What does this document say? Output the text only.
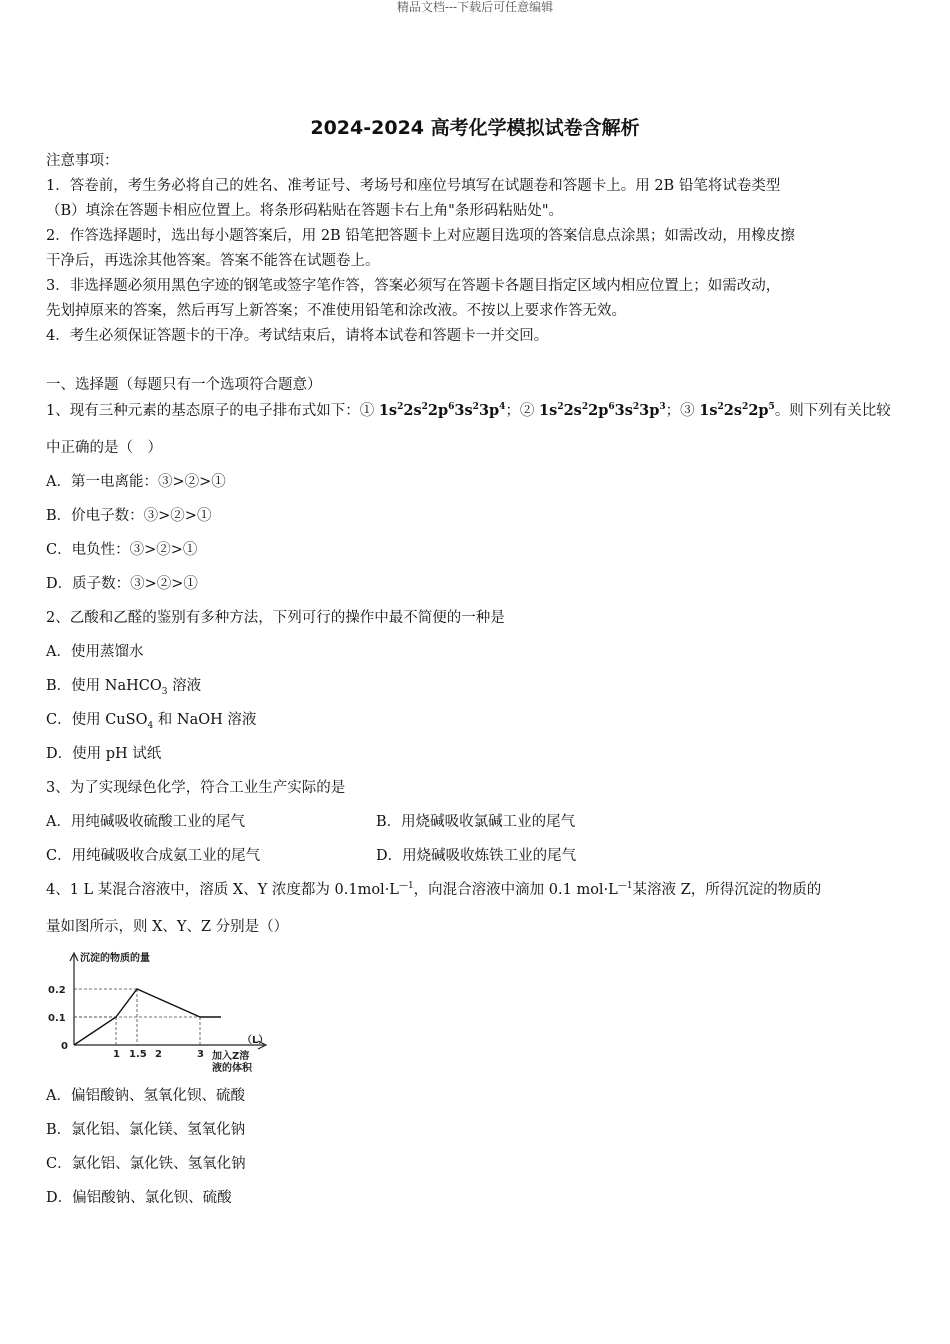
精品文档---下载后可任意编辑
2024-2024 高考化学模拟试卷含解析
注意事项：
1．答卷前，考生务必将自己的姓名、准考证号、考场号和座位号填写在试题卷和答题卡上。用 2B 铅笔将试卷类型
（B）填涂在答题卡相应位置上。将条形码粘贴在答题卡右上角"条形码粘贴处"。
2．作答选择题时，选出每小题答案后，用 2B 铅笔把答题卡上对应题目选项的答案信息点涂黑；如需改动，用橡皮擦
干净后，再选涂其他答案。答案不能答在试题卷上。
3．非选择题必须用黑色字迹的钢笔或签字笔作答，答案必须写在答题卡各题目指定区域内相应位置上；如需改动，
先划掉原来的答案，然后再写上新答案；不准使用铅笔和涂改液。不按以上要求作答无效。
4．考生必须保证答题卡的干净。考试结束后，请将本试卷和答题卡一并交回。
一、选择题（每题只有一个选项符合题意）
1、现有三种元素的基态原子的电子排布式如下：① $1s^22s^22p^63s^23p^4$；② $1s^22s^22p^63s^23p^3$；③ $1s^22s^22p^5$。则下列有关比较
中正确的是（　）
A．第一电离能：③>②>①
B．价电子数：③>②>①
C．电负性：③>②>①
D．质子数：③>②>①
2、乙酸和乙醛的鉴别有多种方法，下列可行的操作中最不简便的一种是
A．使用蒸馏水
B．使用 NaHCO$_3$ 溶液
C．使用 CuSO$_4$ 和 NaOH 溶液
D．使用 pH 试纸
3、为了实现绿色化学，符合工业生产实际的是
A．用纯碱吸收硫酸工业的尾气	B．用烧碱吸收氯碱工业的尾气
C．用纯碱吸收合成氨工业的尾气	D．用烧碱吸收炼铁工业的尾气
4、1 L 某混合溶液中，溶质 X、Y 浓度都为 $0.1mol\cdot L^{—1}$，向混合溶液中滴加 0.1 $mol\cdot L^{—1}$某溶液 Z，所得沉淀的物质的
量如图所示，则 X、Y、Z 分别是（）
1 1.5 2	3
0.2
0.1
沉淀的物质的量
（L）
加入Z溶
液的体积
0
A．偏铝酸钠、氢氧化钡、硫酸
B．氯化铝、氯化镁、氢氧化钠
C．氯化铝、氯化铁、氢氧化钠
D．偏铝酸钠、氯化钡、硫酸
